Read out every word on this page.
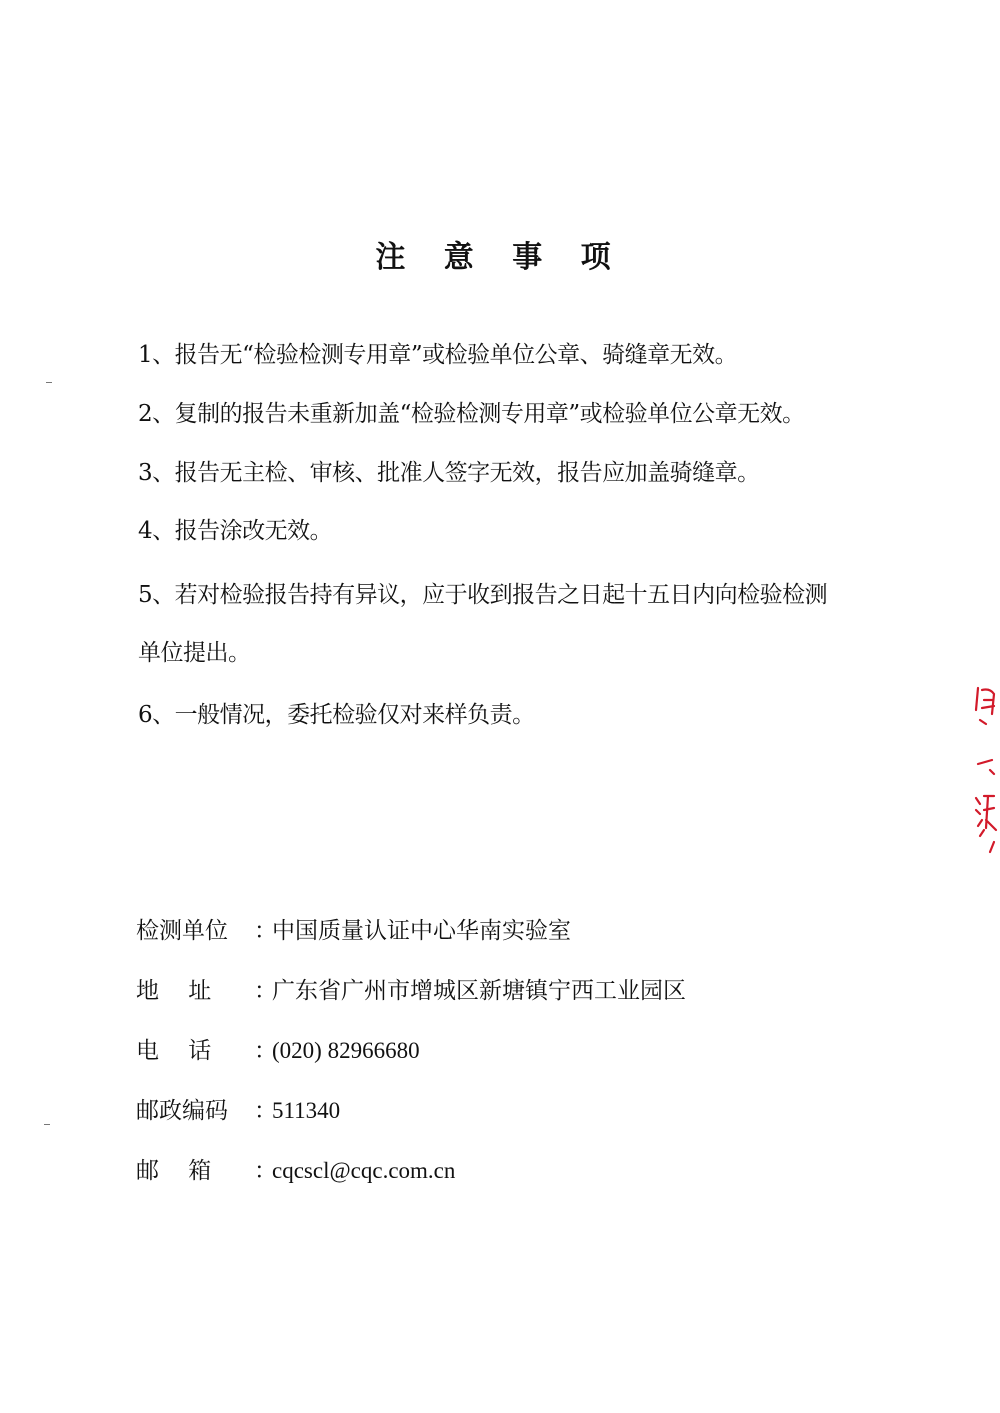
注 意 事 项
1、报告无“检验检测专用章”或检验单位公章、骑缝章无效。
2、复制的报告未重新加盖“检验检测专用章”或检验单位公章无效。
3、报告无主检、审核、批准人签字无效，报告应加盖骑缝章。
4、报告涂改无效。
5、若对检验报告持有异议，应于收到报告之日起十五日内向检验检测
单位提出。
6、一般情况，委托检验仅对来样负责。
检测单位	：
中国质量认证中心华南实验室
地    址	：
广东省广州市增城区新塘镇宁西工业园区
电    话	：
(020) 82966680
邮政编码	：
511340
邮    箱	：
cqcscl@cqc.com.cn
